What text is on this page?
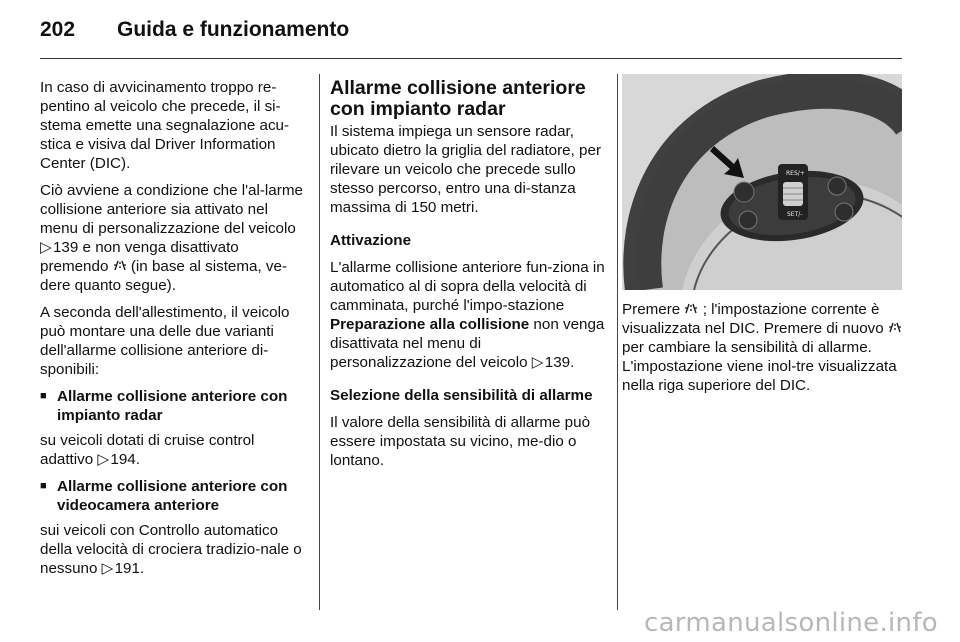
202 Guida e funzionamento

In caso di avvicinamento troppo re-pentino al veicolo che precede, il si-stema emette una segnalazione acu-stica e visiva dal Driver Information Center (DIC).

Ciò avviene a condizione che l'al-larme collisione anteriore sia attivato nel menu di personalizzazione del veicolo ▷ 139 e non venga disattivato premendo  (in base al sistema, ve-dere quanto segue).

A seconda dell'allestimento, il veicolo può montare una delle due varianti dell'allarme collisione anteriore di-sponibili:

■ Allarme collisione anteriore con impianto radar

su veicoli dotati di cruise control adattivo ▷ 194.

■ Allarme collisione anteriore con videocamera anteriore

sui veicoli con Controllo automatico della velocità di crociera tradizio-nale o nessuno ▷ 191.

Allarme collisione anteriore con impianto radar

Il sistema impiega un sensore radar, ubicato dietro la griglia del radiatore, per rilevare un veicolo che precede sullo stesso percorso, entro una di-stanza massima di 150 metri.

Attivazione

L'allarme collisione anteriore fun-ziona in automatico al di sopra della velocità di camminata, purché l'impo-stazione Preparazione alla collisione non venga disattivata nel menu di personalizzazione del veicolo ▷ 139.

Selezione della sensibilità di allarme

Il valore della sensibilità di allarme può essere impostata su vicino, me-dio o lontano.

RES/+
SET/-

Premere  ; l'impostazione corrente è visualizzata nel DIC. Premere di nuovo  per cambiare la sensibilità di allarme. L'impostazione viene inol-tre visualizzata nella riga superiore del DIC.

carmanualsonline.info
